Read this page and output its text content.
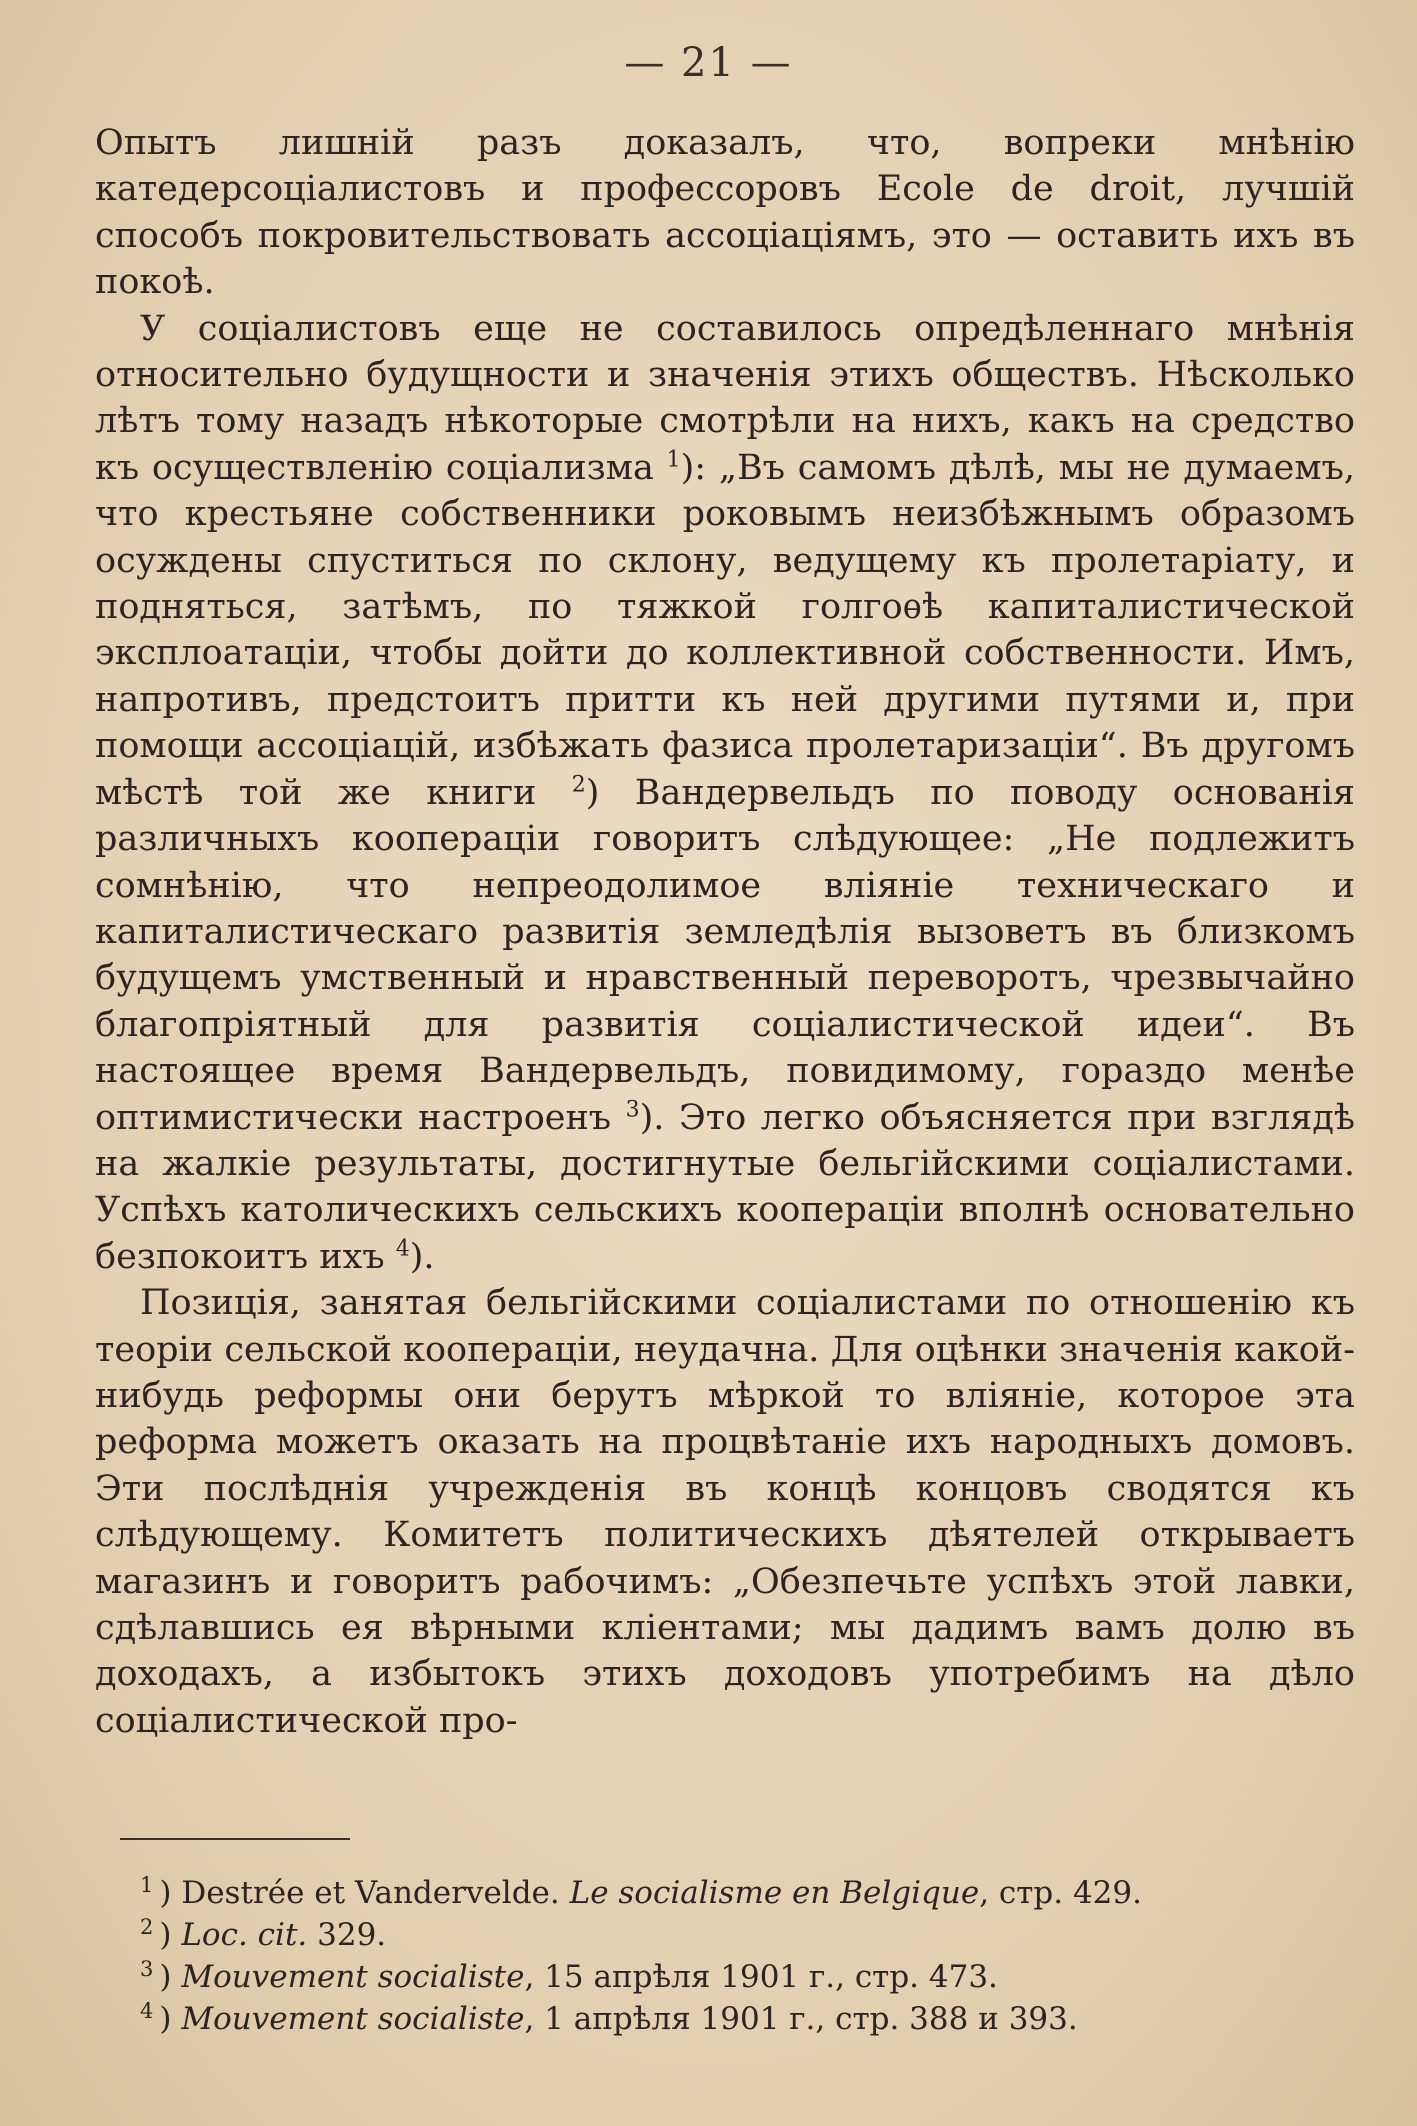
— 21 —

Опытъ лишній разъ доказалъ, что, вопреки мнѣнію катедерсоціалистовъ и профессоровъ Ecole de droit, лучшій способъ покровительствовать ассоціаціямъ, это — оставить ихъ въ покоѣ.

У соціалистовъ еще не составилось опредѣленнаго мнѣнія относительно будущности и значенія этихъ обществъ. Нѣсколько лѣтъ тому назадъ нѣкоторые смотрѣли на нихъ, какъ на средство къ осуществленію соціализма $^1$): „Въ самомъ дѣлѣ, мы не думаемъ, что крестьяне собственники роковымъ неизбѣжнымъ образомъ осуждены спуститься по склону, ведущему къ пролетаріату, и подняться, затѣмъ, по тяжкой голгоѳѣ капиталистической эксплоатаціи, чтобы дойти до коллективной собственности. Имъ, напротивъ, предстоитъ притти къ ней другими путями и, при помощи ассоціацій, избѣжать фазиса пролетаризаціи“. Въ другомъ мѣстѣ той же книги $^2$) Вандервельдъ по поводу основанія различныхъ коопераціи говоритъ слѣдующее: „Не подлежитъ сомнѣнію, что непреодолимое вліяніе техническаго и капиталистическаго развитія земледѣлія вызоветъ въ близкомъ будущемъ умственный и нравственный переворотъ, чрезвычайно благопріятный для развитія соціалистической идеи“. Въ настоящее время Вандервельдъ, повидимому, гораздо менѣе оптимистически настроенъ $^3$). Это легко объясняется при взглядѣ на жалкіе результаты, достигнутые бельгійскими соціалистами. Успѣхъ католическихъ сельскихъ коопераціи вполнѣ основательно безпокоитъ ихъ $^4$).

Позиція, занятая бельгійскими соціалистами по отношенію къ теоріи сельской коопераціи, неудачна. Для оцѣнки значенія какой-нибудь реформы они берутъ мѣркой то вліяніе, которое эта реформа можетъ оказать на процвѣтаніе ихъ народныхъ домовъ. Эти послѣднія учрежденія въ концѣ концовъ сводятся къ слѣдующему. Комитетъ политическихъ дѣятелей открываетъ магазинъ и говоритъ рабочимъ: „Обезпечьте успѣхъ этой лавки, сдѣлавшись ея вѣрными кліентами; мы дадимъ вамъ долю въ доходахъ, а избытокъ этихъ доходовъ употребимъ на дѣло соціалистической про-

$^1$ ) Destrée et Vandervelde. Le socialisme en Belgique, стр. 429.
$^2$ ) Loc. cit. 329.
$^3$ ) Mouvement socialiste, 15 апрѣля 1901 г., стр. 473.
$^4$ ) Mouvement socialiste, 1 апрѣля 1901 г., стр. 388 и 393.
